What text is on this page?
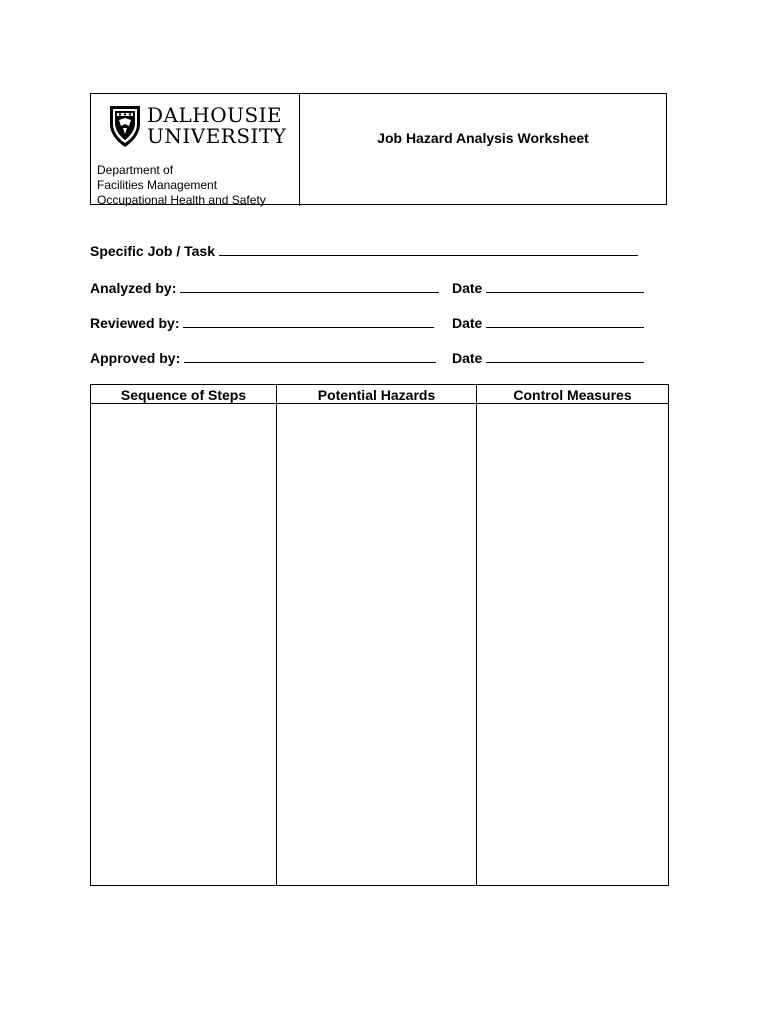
DALHOUSIE
UNIVERSITY
Department of
Facilities Management
Occupational Health and Safety
Job Hazard Analysis Worksheet
Specific Job / Task
Analyzed by:	Date
Reviewed by:	Date
Approved by:	Date
Sequence of Steps	Potential Hazards	Control Measures
